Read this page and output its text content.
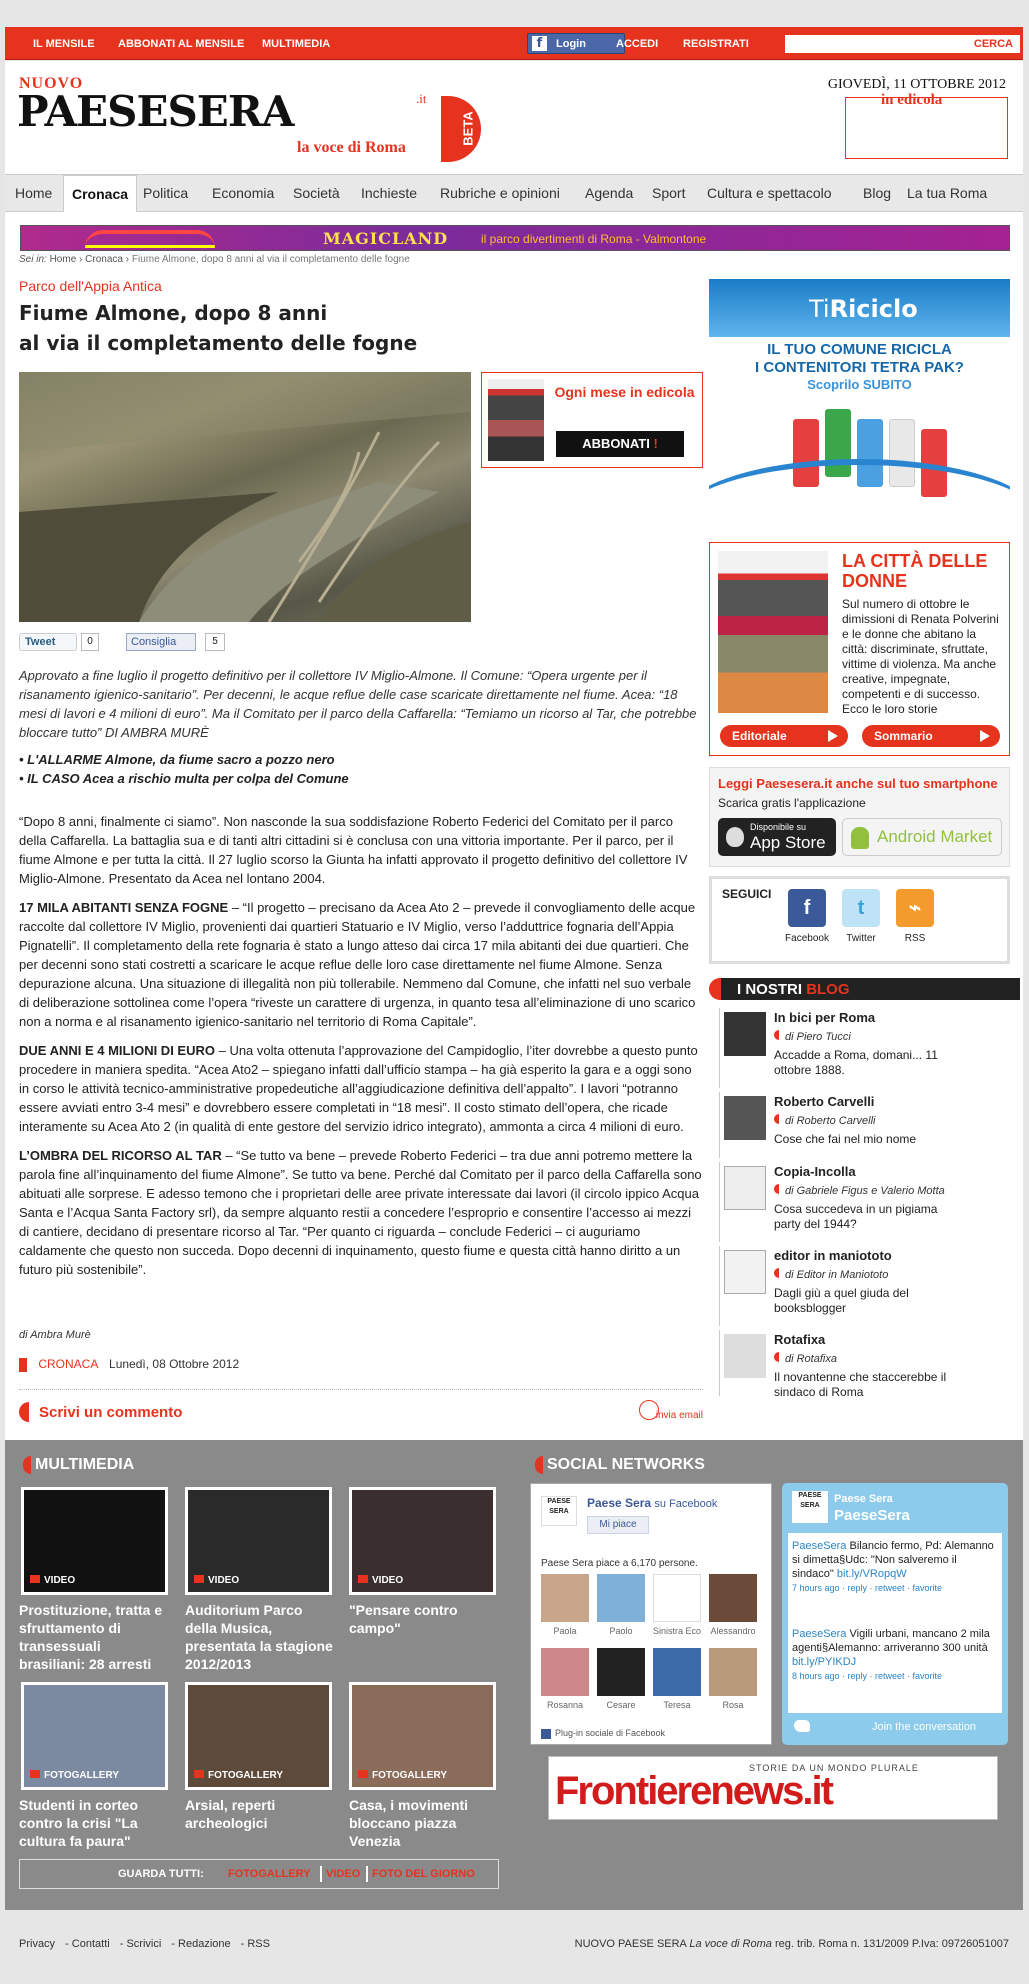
IL MENSILE ABBONATI AL MENSILE MULTIMEDIA	f	Login	ACCEDI REGISTRATI	CERCA
NUOVO
PAESESERA	.it
la voce di Roma
BETA
GIOVEDÌ, 11 OTTOBRE 2012
in edicola
Home	Cronaca	Politica	Economia	Società	Inchieste	Rubriche e opinioni	Agenda	Sport	Cultura e spettacolo	Blog	La tua Roma
MAGICLAND	il parco divertimenti di Roma - Valmontone
Sei in: Home › Cronaca › Fiume Almone, dopo 8 anni al via il completamento delle fogne
Parco dell'Appia Antica
Fiume Almone, dopo 8 anni
al via il completamento delle fogne
Ogni mese in edicola
ABBONATI !
Tweet	0	Consiglia	5
Approvato a fine luglio il progetto definitivo per il collettore IV Miglio-Almone. Il Comune: “Opera urgente per il risanamento igienico-sanitario”. Per decenni, le acque reflue delle case scaricate direttamente nel fiume. Acea: “18 mesi di lavori e 4 milioni di euro”. Ma il Comitato per il parco della Caffarella: “Temiamo un ricorso al Tar, che potrebbe bloccare tutto” DI AMBRA MURÈ
• L'ALLARME Almone, da fiume sacro a pozzo nero
• IL CASO Acea a rischio multa per colpa del Comune

“Dopo 8 anni, finalmente ci siamo”. Non nasconde la sua soddisfazione Roberto Federici del Comitato per il parco della Caffarella. La battaglia sua e di tanti altri cittadini si è conclusa con una vittoria importante. Per il parco, per il fiume Almone e per tutta la città. Il 27 luglio scorso la Giunta ha infatti approvato il progetto definitivo del collettore IV Miglio-Almone. Presentato da Acea nel lontano 2004.

17 MILA ABITANTI SENZA FOGNE – “Il progetto – precisano da Acea Ato 2 – prevede il convogliamento delle acque raccolte dal collettore IV Miglio, provenienti dai quartieri Statuario e IV Miglio, verso l’adduttrice fognaria dell’Appia Pignatelli”. Il completamento della rete fognaria è stato a lungo atteso dai circa 17 mila abitanti dei due quartieri. Che per decenni sono stati costretti a scaricare le acque reflue delle loro case direttamente nel fiume Almone. Senza depurazione alcuna. Una situazione di illegalità non più tollerabile. Nemmeno dal Comune, che infatti nel suo verbale di deliberazione sottolinea come l’opera “riveste un carattere di urgenza, in quanto tesa all’eliminazione di uno scarico non a norma e al risanamento igienico-sanitario nel territorio di Roma Capitale”.

DUE ANNI E 4 MILIONI DI EURO – Una volta ottenuta l’approvazione del Campidoglio, l’iter dovrebbe a questo punto procedere in maniera spedita. “Acea Ato2 – spiegano infatti dall’ufficio stampa – ha già esperito la gara e a oggi sono in corso le attività tecnico-amministrative propedeutiche all’aggiudicazione definitiva dell’appalto”. I lavori “potranno essere avviati entro 3-4 mesi” e dovrebbero essere completati in “18 mesi”. Il costo stimato dell’opera, che ricade interamente su Acea Ato 2 (in qualità di ente gestore del servizio idrico integrato), ammonta a circa 4 milioni di euro.

L’OMBRA DEL RICORSO AL TAR – “Se tutto va bene – prevede Roberto Federici – tra due anni potremo mettere la parola fine all’inquinamento del fiume Almone”. Se tutto va bene. Perché dal Comitato per il parco della Caffarella sono abituati alle sorprese. E adesso temono che i proprietari delle aree private interessate dai lavori (il circolo ippico Acqua Santa e l’Acqua Santa Factory srl), da sempre alquanto restii a concedere l’esproprio e consentire l’accesso ai mezzi di cantiere, decidano di presentare ricorso al Tar. “Per quanto ci riguarda – conclude Federici – ci auguriamo caldamente che questo non succeda. Dopo decenni di inquinamento, questo fiume e questa città hanno diritto a un futuro più sostenibile”.

di Ambra Murè
CRONACA Lunedì, 08 Ottobre 2012
Scrivi un commento	invia email
TiRiciclo
IL TUO COMUNE RICICLA
I CONTENITORI TETRA PAK?
Scoprilo SUBITO
LA CITTÀ DELLE DONNE
Sul numero di ottobre le dimissioni di Renata Polverini e le donne che abitano la città: discriminate, sfruttate, vittime di violenza. Ma anche creative, impegnate, competenti e di successo. Ecco le loro storie
Editoriale	Sommario
Leggi Paesesera.it anche sul tuo smartphone
Scarica gratis l'applicazione
Disponibile su
App Store	Android Market
SEGUICI
f	t	⌁
Facebook	Twitter	RSS
I NOSTRI BLOG
In bici per Roma
di Piero Tucci
Accadde a Roma, domani... 11 ottobre 1888.
Roberto Carvelli
di Roberto Carvelli
Cose che fai nel mio nome
Copia-Incolla
di Gabriele Figus e Valerio Motta
Cosa succedeva in un pigiama party del 1944?
editor in maniototo
di Editor in Maniototo
Dagli giù a quel giuda del booksblogger
Rotafixa
di Rotafixa
Il novantenne che staccerebbe il sindaco di Roma
MULTIMEDIA
VIDEO	VIDEO	VIDEO
Prostituzione, tratta e sfruttamento di transessuali brasiliani: 28 arresti
Auditorium Parco della Musica, presentata la stagione 2012/2013
"Pensare contro campo"
FOTOGALLERY	FOTOGALLERY	FOTOGALLERY
Studenti in corteo contro la crisi "La cultura fa paura"
Arsial, reperti archeologici
Casa, i movimenti bloccano piazza Venezia
GUARDA TUTTI: FOTOGALLERY VIDEO FOTO DEL GIORNO
SOCIAL NETWORKS
PAESE
SERA
Paese Sera su Facebook
Mi piace
Paese Sera piace a 6,170 persone.
Paola	Paolo	Sinistra Eco	Alessandro
Rosanna	Cesare	Teresa	Rosa
Plug-in sociale di Facebook
PAESE
SERA
Paese Sera
PaeseSera
PaeseSera Bilancio fermo, Pd: Alemanno si dimetta§Udc: "Non salveremo il sindaco" bit.ly/VRopqW
7 hours ago · reply · retweet · favorite
PaeseSera Vigili urbani, mancano 2 mila agenti§Alemanno: arriveranno 300 unità bit.ly/PYIKDJ
8 hours ago · reply · retweet · favorite
Join the conversation
STORIE DA UN MONDO PLURALE
Frontierenews.it
Privacy - Contatti - Scrivici - Redazione - RSS	NUOVO PAESE SERA La voce di Roma reg. trib. Roma n. 131/2009 P.Iva: 09726051007
